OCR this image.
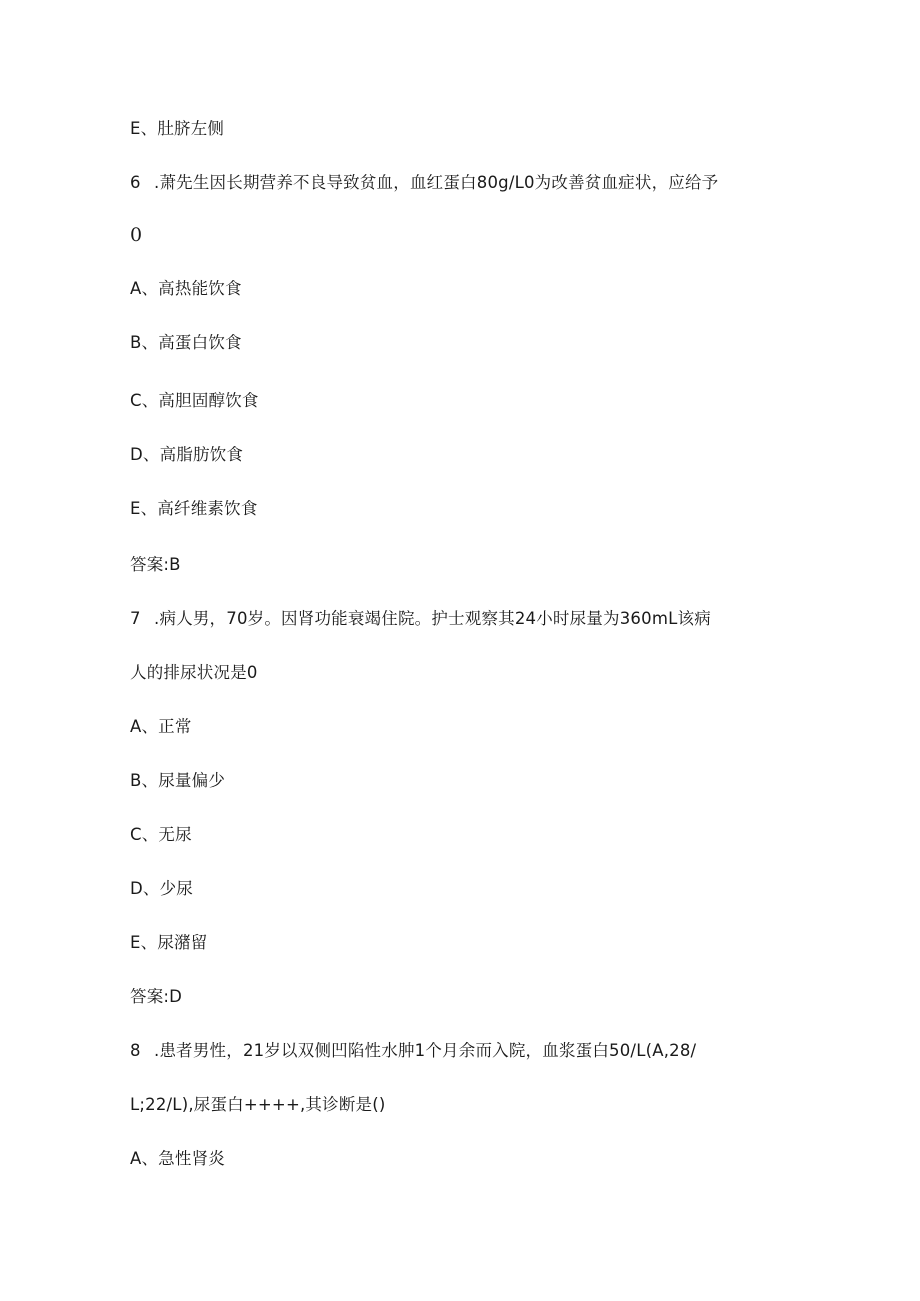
E、肚脐左侧
6 .萧先生因长期营养不良导致贫血，血红蛋白80g/L0为改善贫血症状，应给予
0
A、高热能饮食
B、高蛋白饮食
C、高胆固醇饮食
D、高脂肪饮食
E、高纤维素饮食
答案:B
7 .病人男，70岁。因肾功能衰竭住院。护士观察其24小时尿量为360mL该病
人的排尿状况是0
A、正常
B、尿量偏少
C、无尿
D、少尿
E、尿潴留
答案:D
8 .患者男性，21岁以双侧凹陷性水肿1个月余而入院，血浆蛋白50/L(A,28/
L;22/L),尿蛋白++++,其诊断是()
A、急性肾炎
